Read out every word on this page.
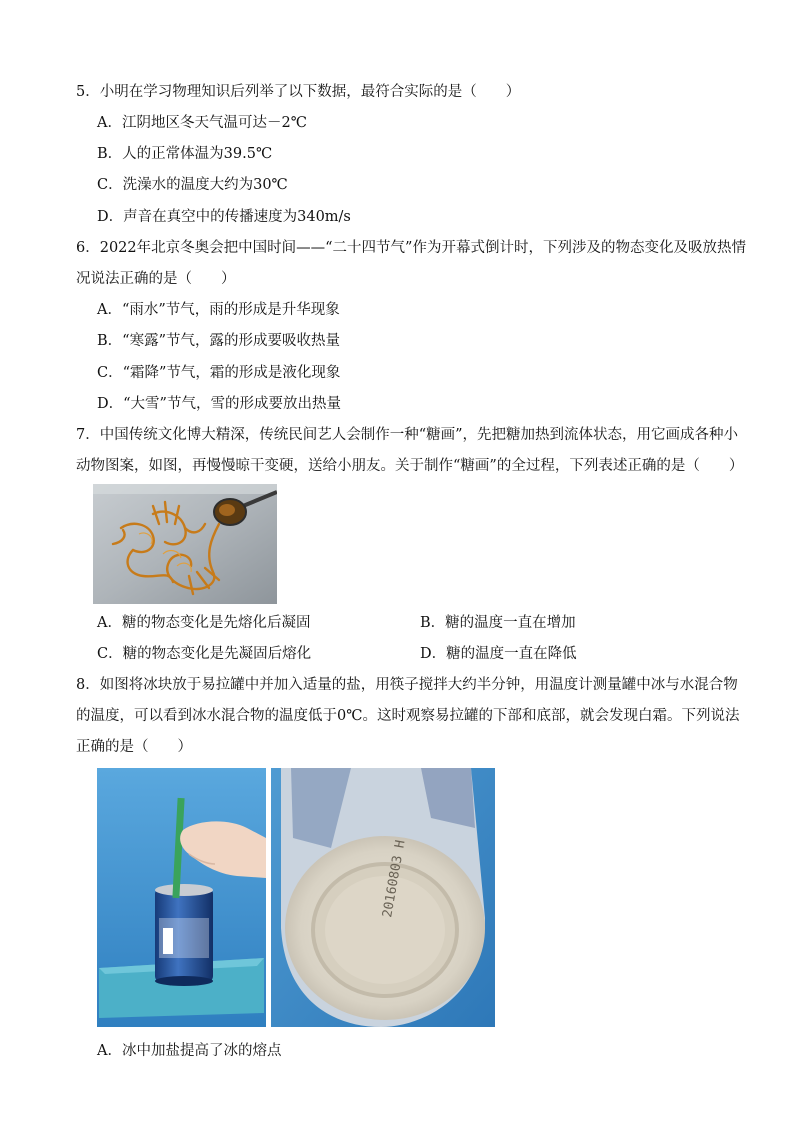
5．小明在学习物理知识后列举了以下数据，最符合实际的是（　　）
A．江阴地区冬天气温可达－2℃
B．人的正常体温为39.5℃
C．洗澡水的温度大约为30℃
D．声音在真空中的传播速度为340m/s
6．2022年北京冬奥会把中国时间——“二十四节气”作为开幕式倒计时，下列涉及的物态变化及吸放热情
况说法正确的是（　　）
A．“雨水”节气，雨的形成是升华现象
B．“寒露”节气，露的形成要吸收热量
C．“霜降”节气，霜的形成是液化现象
D．“大雪”节气，雪的形成要放出热量
7．中国传统文化博大精深，传统民间艺人会制作一种“糖画”，先把糖加热到流体状态，用它画成各种小
动物图案，如图，再慢慢晾干变硬，送给小朋友。关于制作“糖画”的全过程，下列表述正确的是（　　）
A．糖的物态变化是先熔化后凝固	B．糖的温度一直在增加
C．糖的物态变化是先凝固后熔化	D．糖的温度一直在降低
8．如图将冰块放于易拉罐中并加入适量的盐，用筷子搅拌大约半分钟，用温度计测量罐中冰与水混合物
的温度，可以看到冰水混合物的温度低于0℃。这时观察易拉罐的下部和底部，就会发现白霜。下列说法
正确的是（　　）
20160803 H
A．冰中加盐提高了冰的熔点
